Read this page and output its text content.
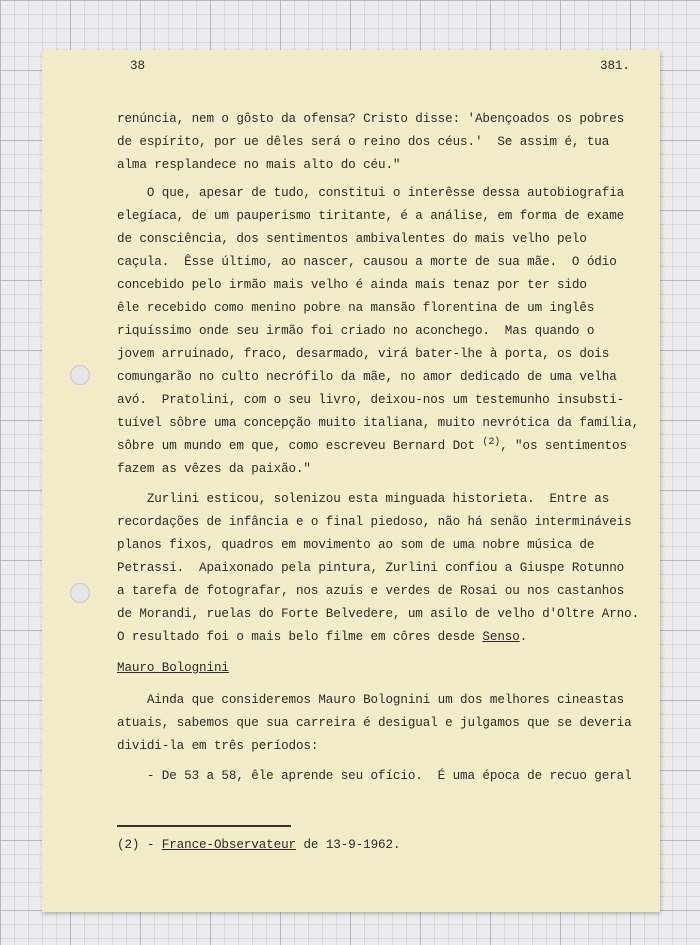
38	381.
renúncia, nem o gôsto da ofensa? Cristo disse: 'Abençoados os pobres
de espírito, por ue dêles será o reino dos céus.'  Se assim é, tua
alma resplandece no mais alto do céu."
O que, apesar de tudo, constitui o interêsse dessa autobiografia
elegíaca, de um pauperismo tiritante, é a análise, em forma de exame
de consciência, dos sentimentos ambivalentes do mais velho pelo
caçula.  Êsse último, ao nascer, causou a morte de sua mãe.  O ódio
concebido pelo irmão mais velho é ainda mais tenaz por ter sido
êle recebido como menino pobre na mansão florentina de um inglês
riquíssimo onde seu irmão foi criado no aconchego.  Mas quando o
jovem arruinado, fraco, desarmado, virá bater-lhe à porta, os dois
comungarão no culto necrófilo da mãe, no amor dedicado de uma velha
avó.  Pratolini, com o seu livro, deixou-nos um testemunho insubsti-
tuível sôbre uma concepção muito italiana, muito nevrótica da família,
sôbre um mundo em que, como escreveu Bernard Dot $^{(2)}$, "os sentimentos
fazem as vêzes da paixão."
Zurlini esticou, solenizou esta minguada historieta.  Entre as
recordações de infância e o final piedoso, não há senão intermináveis
planos fixos, quadros em movimento ao som de uma nobre música de
Petrassi.  Apaixonado pela pintura, Zurlini confiou a Giuspe Rotunno
a tarefa de fotografar, nos azuis e verdes de Rosai ou nos castanhos
de Morandi, ruelas do Forte Belvedere, um asilo de velho d'Oltre Arno.
O resultado foi o mais belo filme em côres desde Senso.
Mauro Bolognini
Ainda que consideremos Mauro Bolognini um dos melhores cineastas
atuais, sabemos que sua carreira é desigual e julgamos que se deveria
dividi-la em três períodos:
- De 53 a 58, êle aprende seu ofício.  É uma época de recuo geral
(2) - France-Observateur de 13-9-1962.
